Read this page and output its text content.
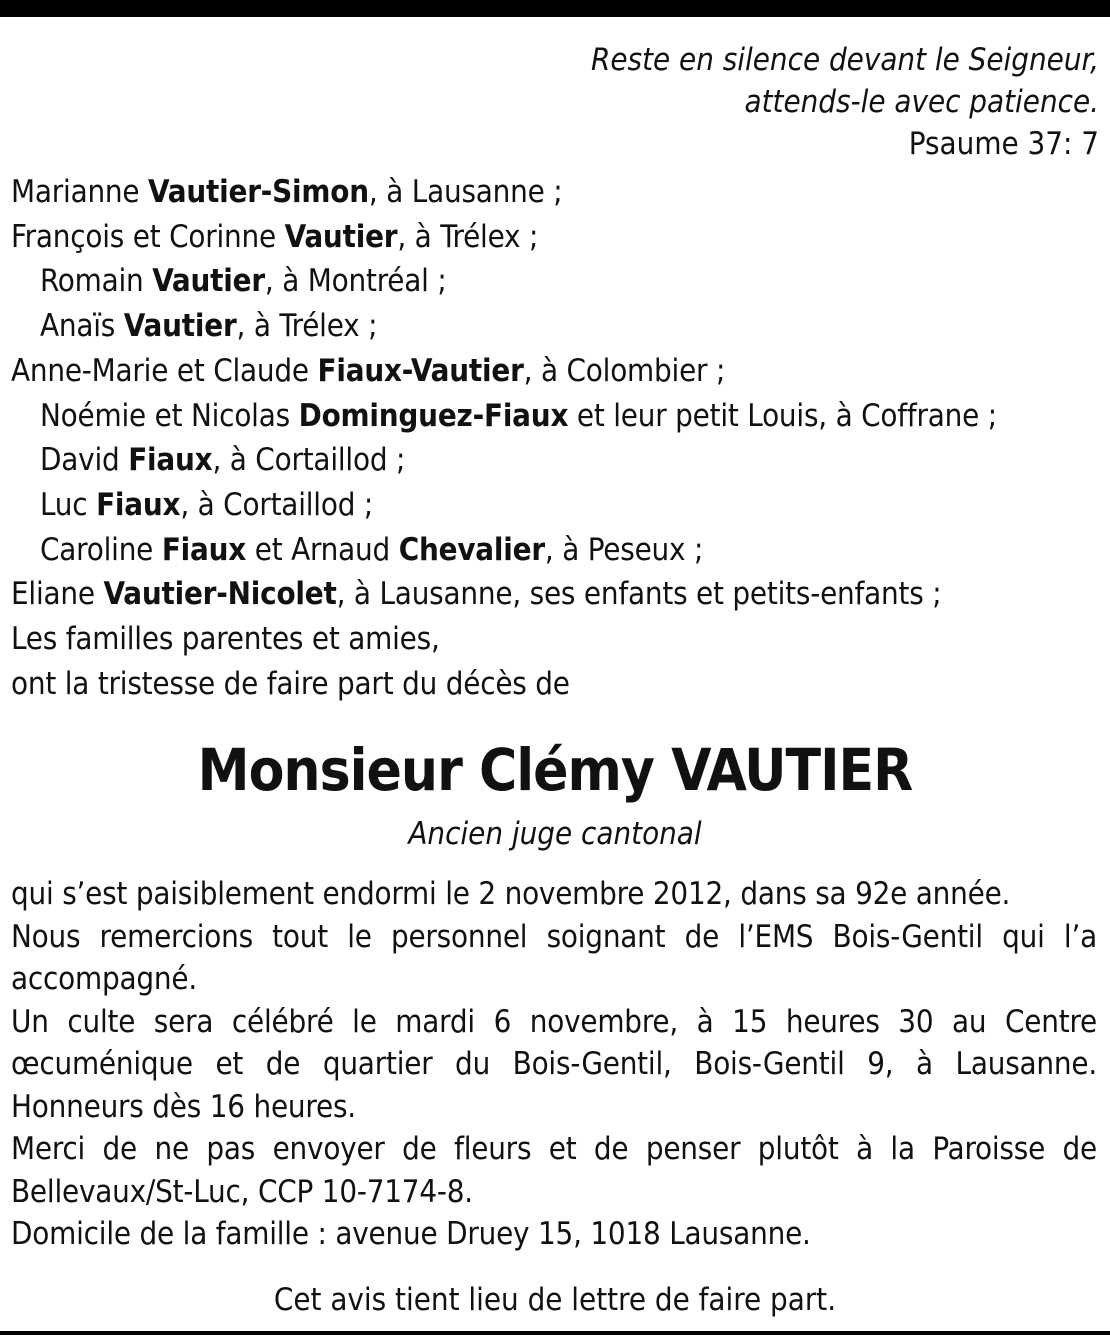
Reste en silence devant le Seigneur,
attends-le avec patience.
Psaume 37: 7
Marianne Vautier-Simon, à Lausanne ;
François et Corinne Vautier, à Trélex ;
Romain Vautier, à Montréal ;
Anaïs Vautier, à Trélex ;
Anne-Marie et Claude Fiaux-Vautier, à Colombier ;
Noémie et Nicolas Dominguez-Fiaux et leur petit Louis, à Coffrane ;
David Fiaux, à Cortaillod ;
Luc Fiaux, à Cortaillod ;
Caroline Fiaux et Arnaud Chevalier, à Peseux ;
Eliane Vautier-Nicolet, à Lausanne, ses enfants et petits-enfants ;
Les familles parentes et amies,
ont la tristesse de faire part du décès de
Monsieur Clémy VAUTIER
Ancien juge cantonal

qui s’est paisiblement endormi le 2 novembre 2012, dans sa 92e année.

Nous remercions tout le personnel soignant de l’EMS Bois-Gentil qui l’a accompagné.

Un culte sera célébré le mardi 6 novembre, à 15 heures 30 au Centre œcuménique et de quartier du Bois-Gentil, Bois-Gentil 9, à Lausanne. Honneurs dès 16 heures.

Merci de ne pas envoyer de fleurs et de penser plutôt à la Paroisse de Bellevaux/St-Luc, CCP 10-7174-8.

Domicile de la famille : avenue Druey 15, 1018 Lausanne.

Cet avis tient lieu de lettre de faire part.
